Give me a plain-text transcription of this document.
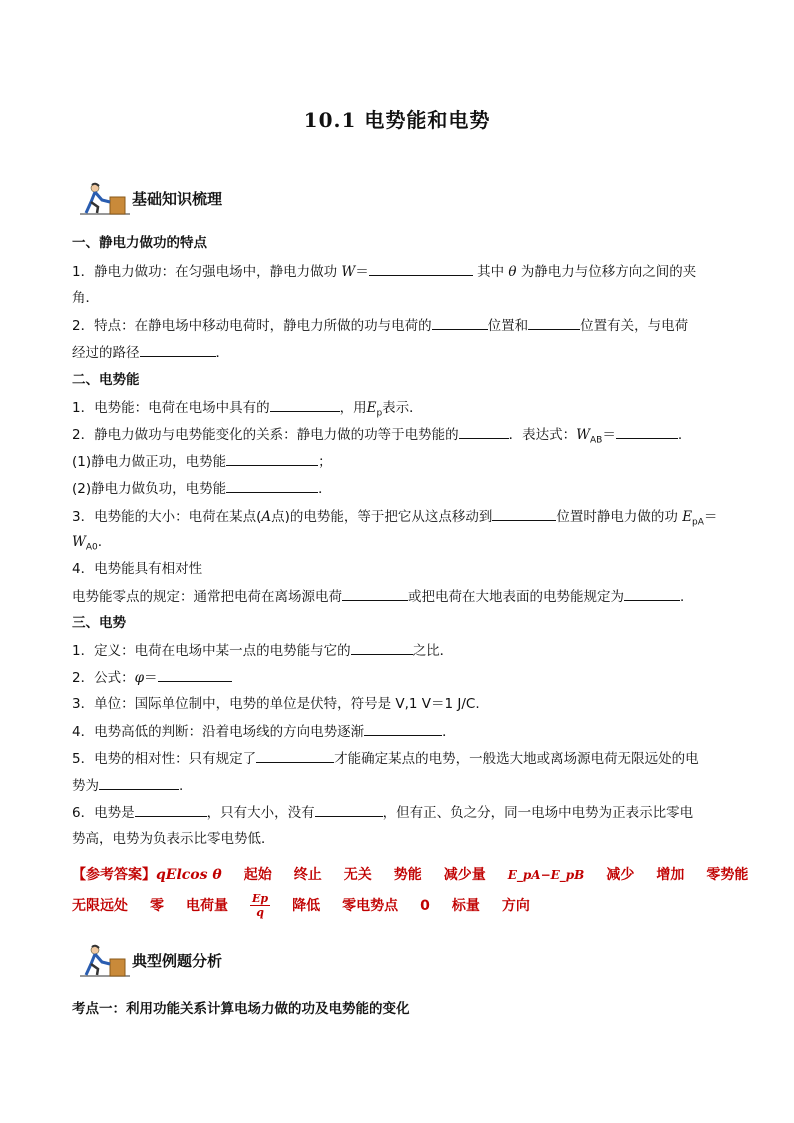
10.1 电势能和电势
基础知识梳理
一、静电力做功的特点
1．静电力做功：在匀强电场中，静电力做功 W＝	其中 θ 为静电力与位移方向之间的夹
角．
2．特点：在静电场中移动电荷时，静电力所做的功与电荷的	位置和	位置有关，与电荷
经过的路径	．
二、电势能
1．电势能：电荷在电场中具有的	，用$E_p$表示．
2．静电力做功与电势能变化的关系：静电力做的功等于电势能的	．表达式：$W_{AB}=$	.
(1)静电力做正功，电势能	；
(2)静电力做负功，电势能	．
3．电势能的大小：电荷在某点(A点)的电势能，等于把它从这点移动到	位置时静电力做的功 $E_{pA}=$
$W_{A0}$.
4．电势能具有相对性
电势能零点的规定：通常把电荷在离场源电荷	或把电荷在大地表面的电势能规定为	．
三、电势
1．定义：电荷在电场中某一点的电势能与它的	之比．
2．公式：φ＝
3．单位：国际单位制中，电势的单位是伏特，符号是 V,1 V＝1 J/C.
4．电势高低的判断：沿着电场线的方向电势逐渐	．
5．电势的相对性：只有规定了	才能确定某点的电势，一般选大地或离场源电荷无限远处的电
势为	.
6．电势是	，只有大小，没有	，但有正、负之分，同一电场中电势为正表示比零电
势高，电势为负表示比零电势低．
【参考答案】qElcos θ 起始 终止 无关 势能 减少量 E_pA−E_pB 减少 增加 零势能
无限远处 零 电荷量 $\frac{Ep}{q}$ 降低 零电势点 0 标量 方向
典型例题分析
考点一：利用功能关系计算电场力做的功及电势能的变化
